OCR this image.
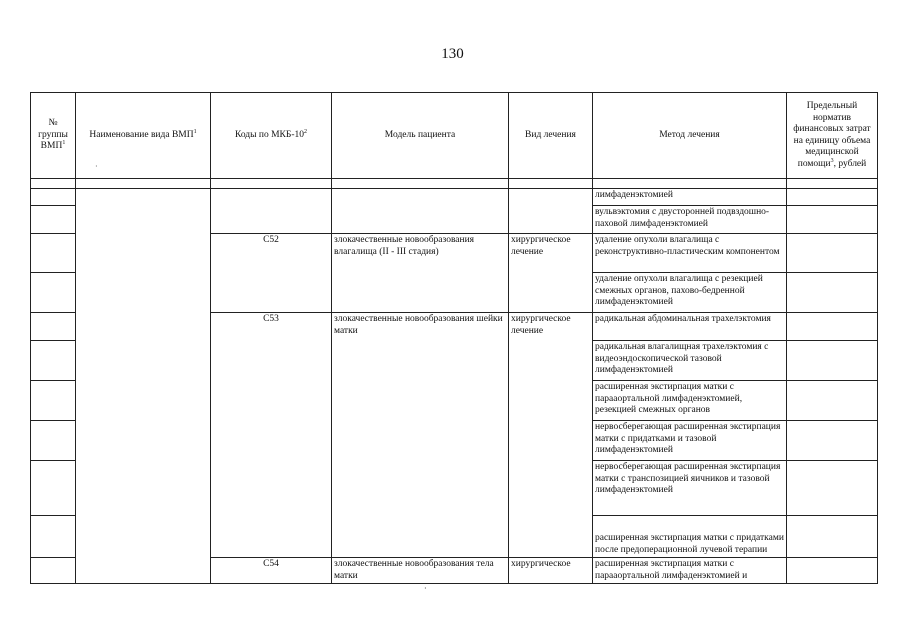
130
·
·
№ группы ВМП$^1$	Наименование вида ВМП$^1$	Коды по МКБ-$10^2$	Модель пациента	Вид лечения	Метод лечения	Предельный норматив финансовых затрат на единицу объема медицинской помощи$^3$, рублей

					лимфаденэктомией	
					вульвэктомия с двусторонней подвздошно-паховой лимфаденэктомией	
		C52	злокачественные новообразования влагалища (II - III стадия)	хирургическое лечение	удаление опухоли влагалища с реконструктивно-пластическим компонентом	
					удаление опухоли влагалища с резекцией смежных органов, пахово-бедренной лимфаденэктомией	
		C53	злокачественные новообразования шейки матки	хирургическое лечение	радикальная абдоминальная трахелэктомия	
					радикальная влагалищная трахелэктомия с видеоэндоскопической тазовой лимфаденэктомией	
					расширенная экстирпация матки с парааортальной лимфаденэктомией, резекцией смежных органов	
					нервосберегающая расширенная экстирпация матки с придатками и тазовой лимфаденэктомией	
					нервосберегающая расширенная экстирпация матки с транспозицией яичников и тазовой лимфаденэктомией	
					расширенная экстирпация матки с придатками после предоперационной лучевой терапии	
		C54	злокачественные новообразования тела матки	хирургическое	расширенная экстирпация матки с парааортальной лимфаденэктомией и	
